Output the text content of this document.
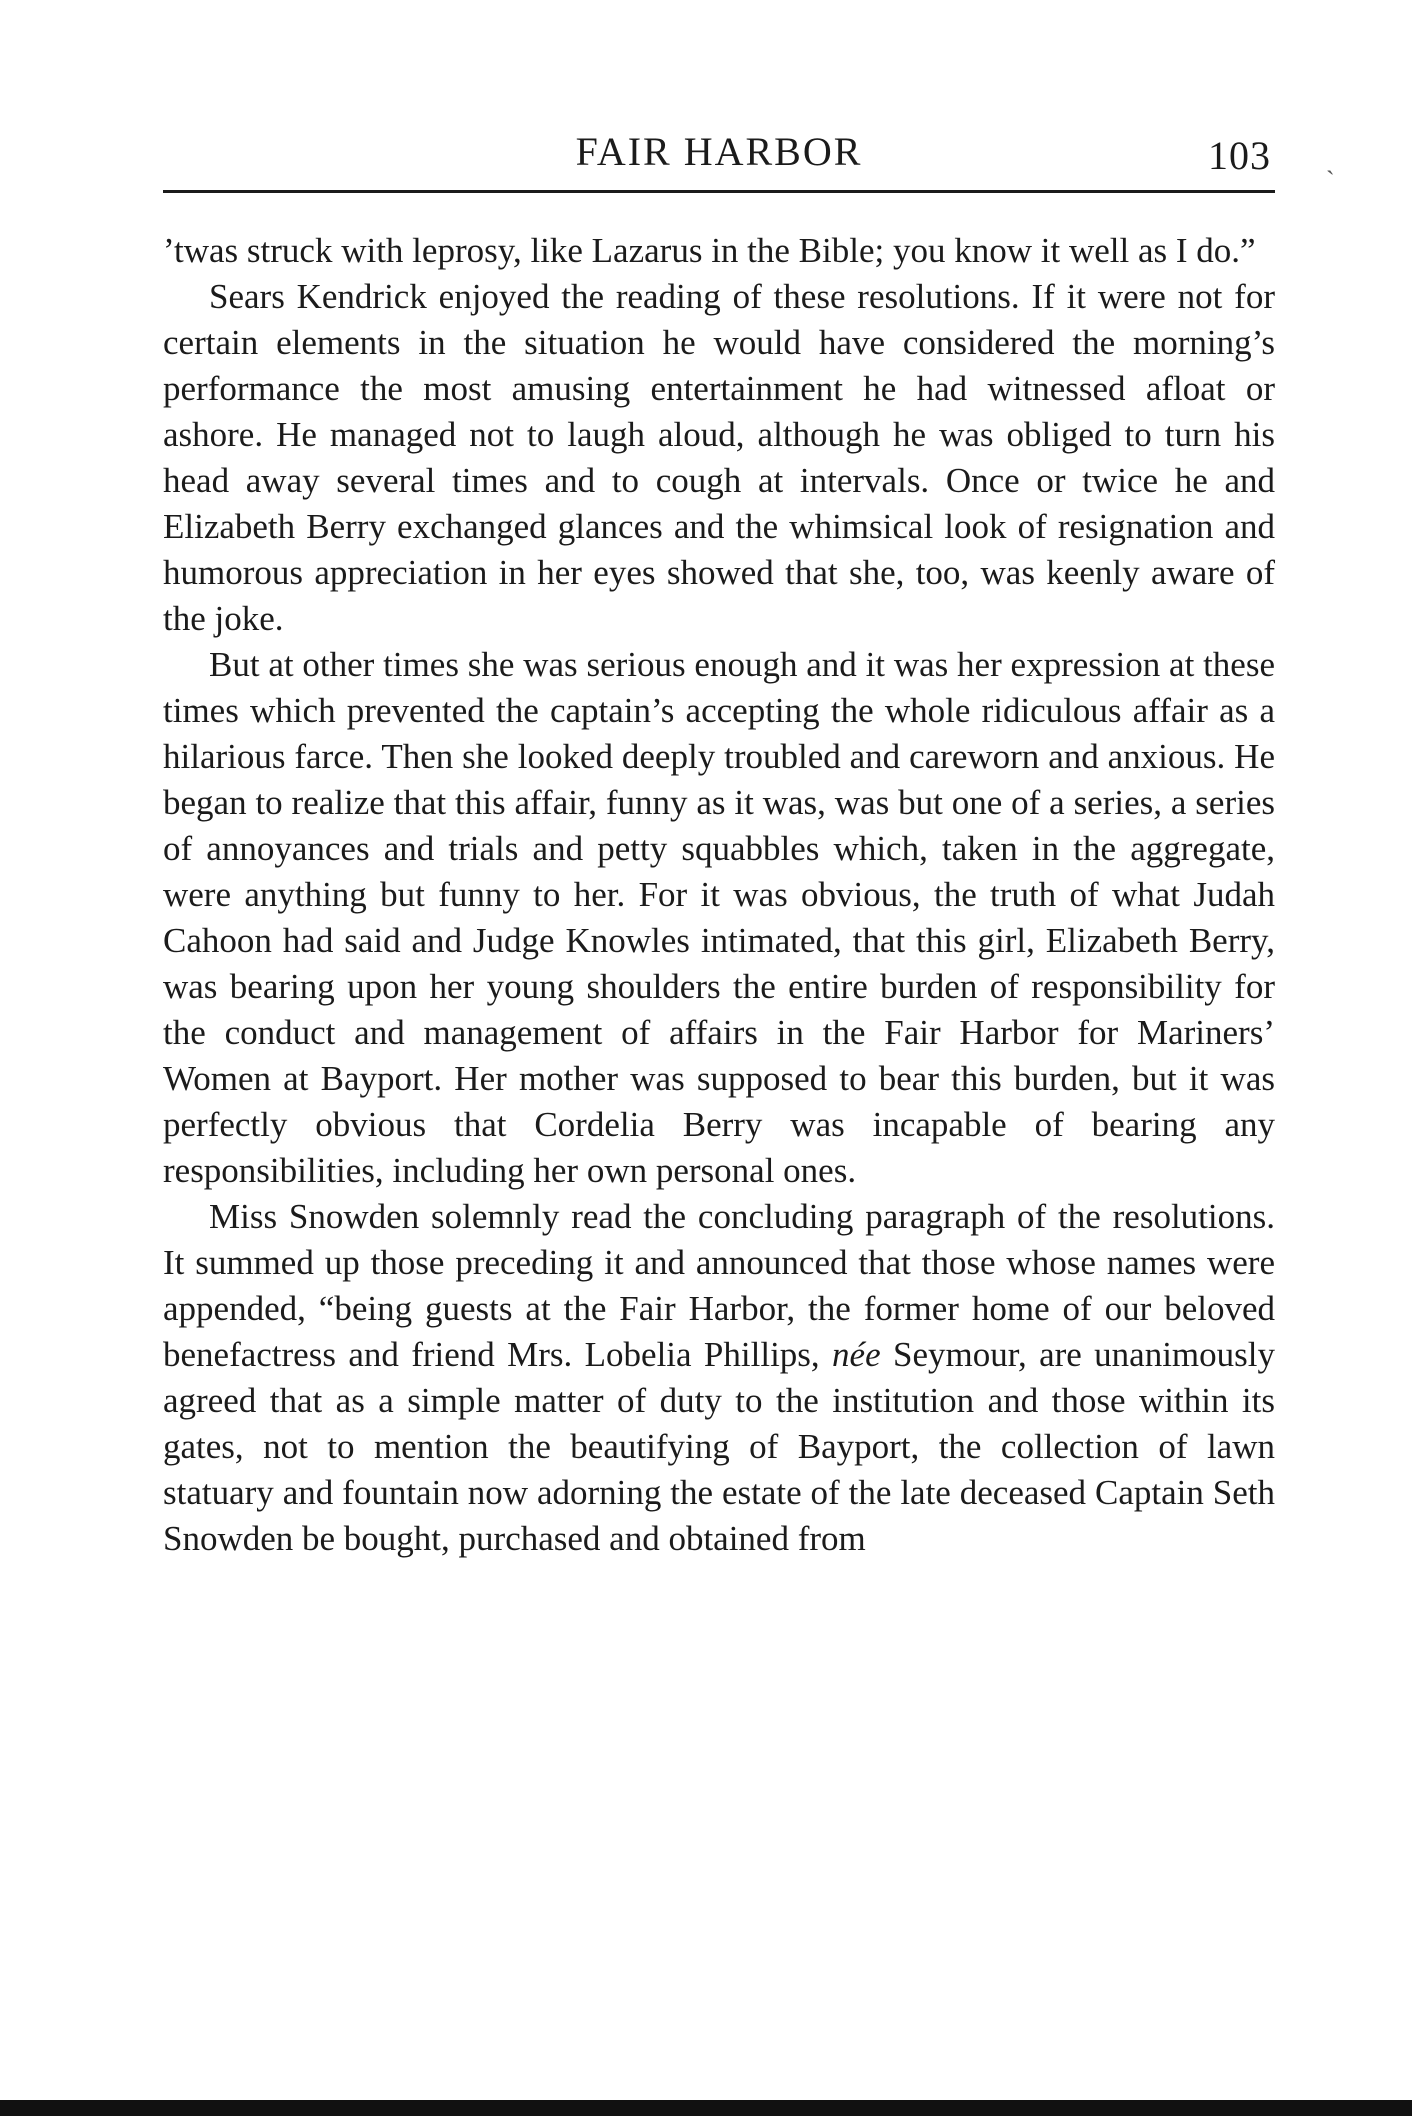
FAIR HARBOR	103 ˏ

’twas struck with leprosy, like Lazarus in the Bible; you know it well as I do.”

Sears Kendrick enjoyed the reading of these resolutions. If it were not for certain elements in the situation he would have considered the morning’s performance the most amusing entertainment he had witnessed afloat or ashore. He managed not to laugh aloud, although he was obliged to turn his head away several times and to cough at intervals. Once or twice he and Elizabeth Berry exchanged glances and the whimsical look of resignation and humorous appreciation in her eyes showed that she, too, was keenly aware of the joke.

But at other times she was serious enough and it was her expression at these times which prevented the captain’s accepting the whole ridiculous affair as a hilarious farce. Then she looked deeply troubled and careworn and anxious. He began to realize that this affair, funny as it was, was but one of a series, a series of annoyances and trials and petty squabbles which, taken in the aggregate, were anything but funny to her. For it was obvious, the truth of what Judah Cahoon had said and Judge Knowles intimated, that this girl, Elizabeth Berry, was bearing upon her young shoulders the entire burden of responsibility for the conduct and management of affairs in the Fair Harbor for Mariners’ Women at Bayport. Her mother was supposed to bear this burden, but it was perfectly obvious that Cordelia Berry was incapable of bearing any responsibilities, including her own personal ones.

Miss Snowden solemnly read the concluding paragraph of the resolutions. It summed up those preceding it and announced that those whose names were appended, “being guests at the Fair Harbor, the former home of our beloved benefactress and friend Mrs. Lobelia Phillips, née Seymour, are unanimously agreed that as a simple matter of duty to the institution and those within its gates, not to mention the beautifying of Bayport, the collection of lawn statuary and fountain now adorning the estate of the late deceased Captain Seth Snowden be bought, purchased and obtained from
